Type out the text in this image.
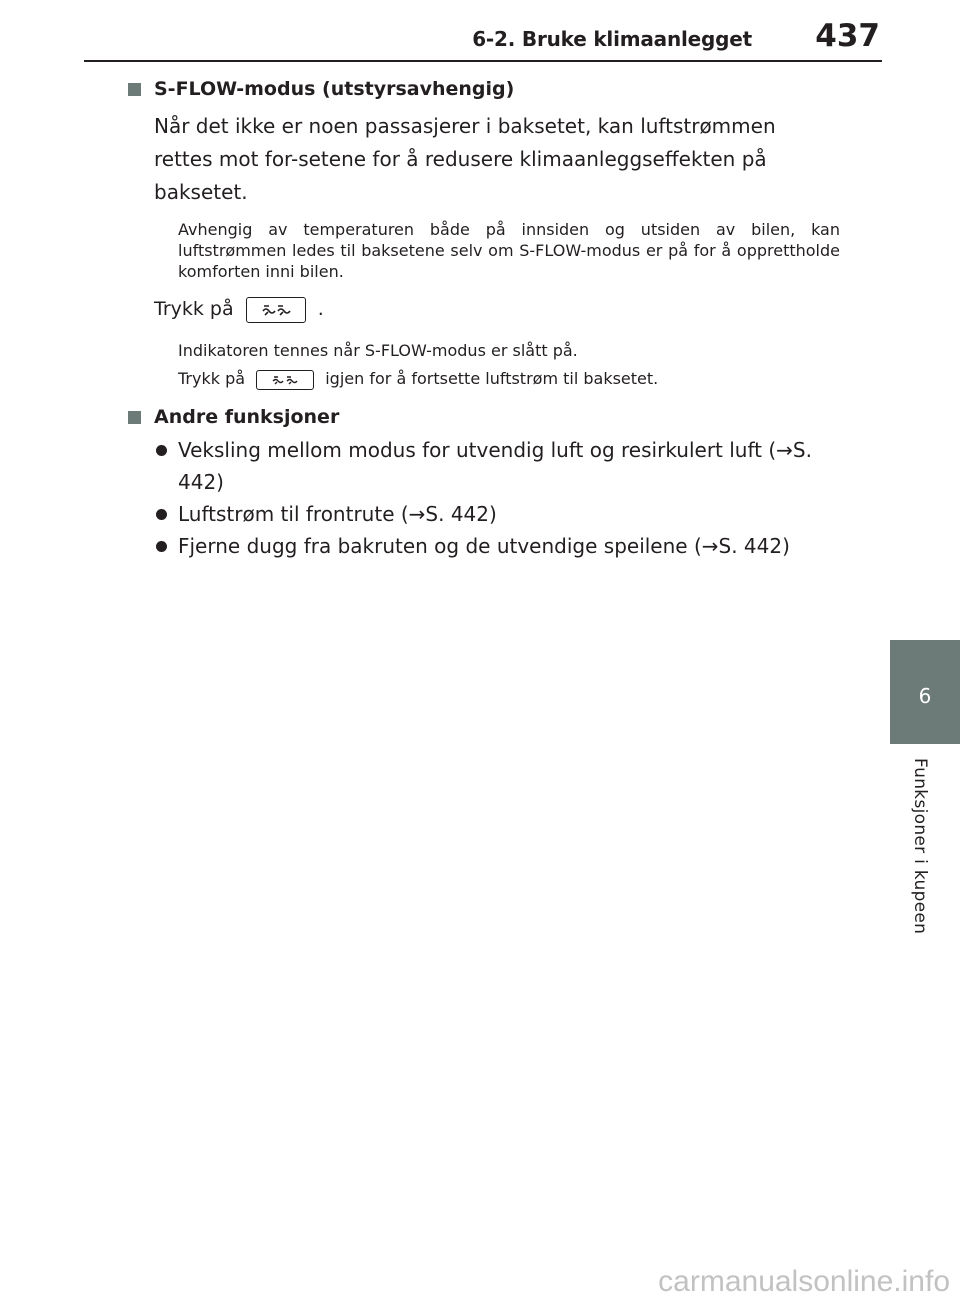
6-2. Bruke klimaanlegget 437
6
Funksjoner i kupeen
S-FLOW-modus (utstyrsavhengig)
Når det ikke er noen passasjerer i baksetet, kan luftstrømmen rettes mot for-setene for å redusere klimaanleggseffekten på baksetet.
Avhengig av temperaturen både på innsiden og utsiden av bilen, kan luftstrømmen ledes til baksetene selv om S-FLOW-modus er på for å opprettholde komforten inni bilen.
Trykk på	.
Indikatoren tennes når S-FLOW-modus er slått på.
Trykk på	igjen for å fortsette luftstrøm til baksetet.
Andre funksjoner
Veksling mellom modus for utvendig luft og resirkulert luft (→S. 442)
Luftstrøm til frontrute (→S. 442)
Fjerne dugg fra bakruten og de utvendige speilene (→S. 442)
carmanualsonline.info
